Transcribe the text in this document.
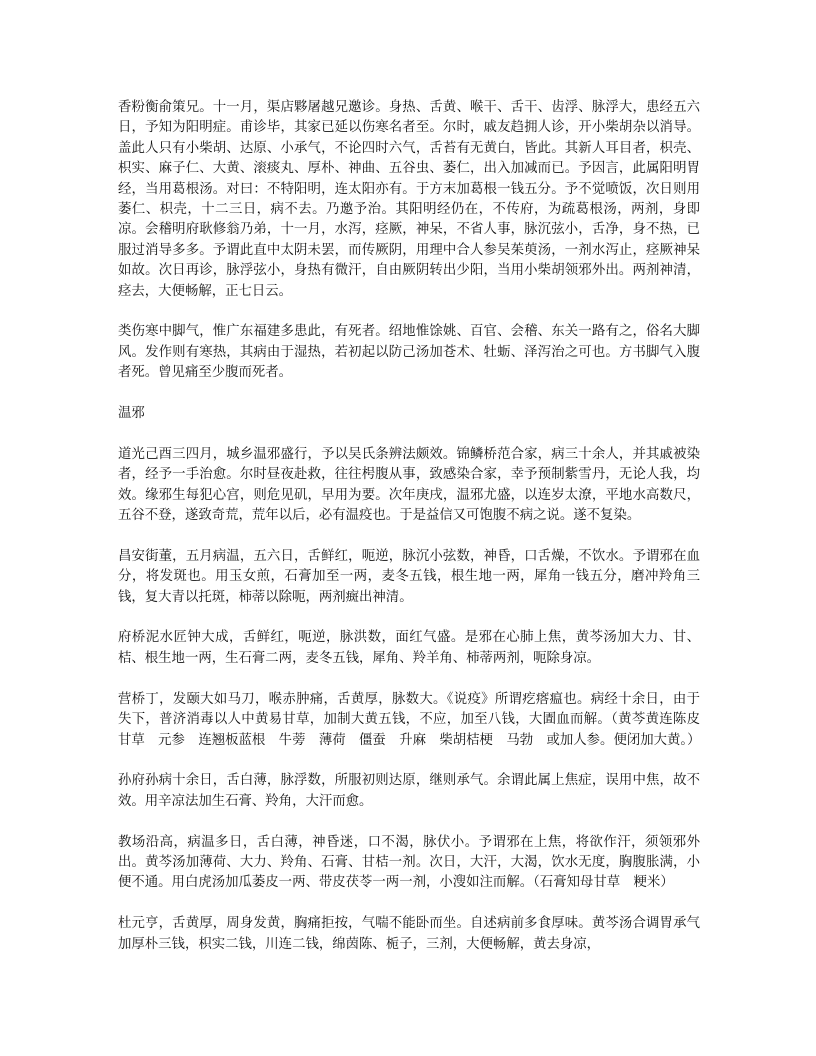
香粉衡俞策兄。十一月，渠店夥屠越兄邀诊。身热、舌黄、喉干、舌干、齿浮、脉浮大，患经五六日，予知为阳明症。甫诊毕，其家已延以伤寒名者至。尔时，戚友趋拥人诊，开小柴胡杂以消导。盖此人只有小柴胡、达原、小承气，不论四时六气，舌苔有无黄白，皆此。其新人耳目者，枳壳、枳实、麻子仁、大黄、滚痰丸、厚朴、神曲、五谷虫、萎仁，出入加减而已。予因言，此属阳明胃经，当用葛根汤。对曰：不特阳明，连太阳亦有。于方末加葛根一钱五分。予不觉喷饭，次日则用萎仁、枳壳，十二三日，病不去。乃邀予治。其阳明经仍在，不传府，为疏葛根汤，两剂，身即凉。会稽明府耿修翁乃弟，十一月，水泻，痉厥，神呆，不省人事，脉沉弦小，舌净，身不热，已服过消导多多。予谓此直中太阴未罢，而传厥阴，用理中合人参吴茱萸汤，一剂水泻止，痉厥神呆如故。次日再诊，脉浮弦小，身热有微汗，自由厥阴转出少阳，当用小柴胡领邪外出。两剂神清，痉去，大便畅解，正七日云。

类伤寒中脚气，惟广东福建多患此，有死者。绍地惟馀姚、百官、会稽、东关一路有之，俗名大脚风。发作则有寒热，其病由于湿热，若初起以防己汤加苍术、牡蛎、泽泻治之可也。方书脚气入腹者死。曾见痛至少腹而死者。

温邪

道光己酉三四月，城乡温邪盛行，予以吴氏条辨法颇效。锦鳞桥范合家，病三十余人，并其戚被染者，经予一手治愈。尔时昼夜赴救，往往枵腹从事，致感染合家，幸予预制紫雪丹，无论人我，均效。缘邪生每犯心宫，则危见矶，早用为要。次年庚戌，温邪尤盛，以连岁太潦，平地水高数尺，五谷不登，遂致奇荒，荒年以后，必有温疫也。于是益信又可饱腹不病之说。遂不复染。

昌安街董，五月病温，五六日，舌鲜红，呃逆，脉沉小弦数，神昏，口舌燥，不饮水。予谓邪在血分，将发斑也。用玉女煎，石膏加至一两，麦冬五钱，根生地一两，犀角一钱五分，磨冲羚角三钱，复大青以托斑，柿蒂以除呃，两剂癍出神清。

府桥泥水匠钟大成，舌鲜红，呃逆，脉洪数，面红气盛。是邪在心肺上焦，黄芩汤加大力、甘、桔、根生地一两，生石膏二两，麦冬五钱，犀角、羚羊角、柿蒂两剂，呃除身凉。

营桥丁，发颐大如马刀，喉赤肿痛，舌黄厚，脉数大。《说疫》所谓疙瘩瘟也。病经十余日，由于失下，普济消毒以人中黄易甘草，加制大黄五钱，不应，加至八钱，大圊血而解。（黄芩黄连陈皮　甘草　元参　连翘板蓝根　牛蒡　薄荷　僵蚕　升麻　柴胡桔梗　马勃　或加人参。便闭加大黄。）

孙府孙病十余日，舌白薄，脉浮数，所服初则达原，继则承气。余谓此属上焦症，误用中焦，故不效。用辛凉法加生石膏、羚角，大汗而愈。

教场沿高，病温多日，舌白薄，神昏迷，口不渴，脉伏小。予谓邪在上焦，将欲作汗，须领邪外出。黄芩汤加薄荷、大力、羚角、石膏、甘桔一剂。次日，大汗，大渴，饮水无度，胸腹胀满，小便不通。用白虎汤加瓜萎皮一两、带皮茯苓一两一剂，小溲如注而解。（石膏知母甘草　粳米）

杜元亨，舌黄厚，周身发黄，胸痛拒按，气喘不能卧而坐。自述病前多食厚味。黄芩汤合调胃承气加厚朴三钱，枳实二钱，川连二钱，绵茵陈、栀子，三剂，大便畅解，黄去身凉，
